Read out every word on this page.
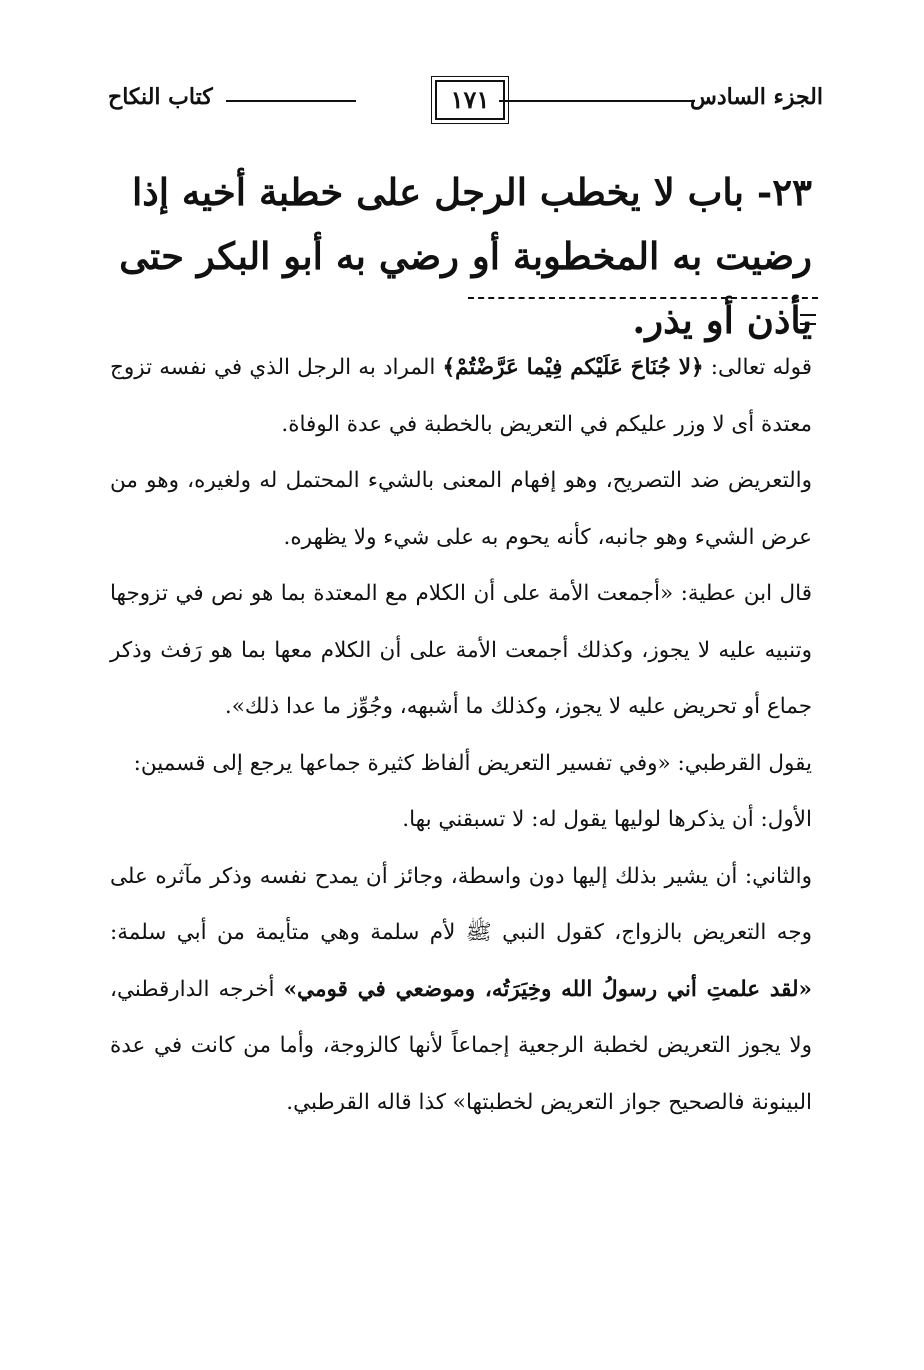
الجزء السادس
١٧١
كتاب النكاح
٢٣- باب لا يخطب الرجل على خطبة أخيه إذا رضيت به المخطوبة أو رضي به أبو البكر حتى يأذن أو يذر.

قوله تعالى: ﴿لا جُنَاحَ عَلَيْكم فِيْما عَرَّضْتُمْ﴾ المراد به الرجل الذي في نفسه تزوج معتدة أى لا وزر عليكم في التعريض بالخطبة في عدة الوفاة.

والتعريض ضد التصريح، وهو إفهام المعنى بالشيء المحتمل له ولغيره، وهو من عرض الشيء وهو جانبه، كأنه يحوم به على شيء ولا يظهره.

قال ابن عطية: «أجمعت الأمة على أن الكلام مع المعتدة بما هو نص في تزوجها وتنبيه عليه لا يجوز، وكذلك أجمعت الأمة على أن الكلام معها بما هو رَفث وذكر جماع أو تحريض عليه لا يجوز، وكذلك ما أشبهه، وجُوِّز ما عدا ذلك».

يقول القرطبي: «وفي تفسير التعريض ألفاظ كثيرة جماعها يرجع إلى قسمين:

الأول: أن يذكرها لوليها يقول له: لا تسبقني بها.

والثاني: أن يشير بذلك إليها دون واسطة، وجائز أن يمدح نفسه وذكر مآثره على وجه التعريض بالزواج، كقول النبي ﷺ لأم سلمة وهي متأيمة من أبي سلمة: «لقد علمتِ أني رسولُ الله وخِيَرَتُه، وموضعي في قومي» أخرجه الدارقطني، ولا يجوز التعريض لخطبة الرجعية إجماعاً لأنها كالزوجة، وأما من كانت في عدة البينونة فالصحيح جواز التعريض لخطبتها» كذا قاله القرطبي.
